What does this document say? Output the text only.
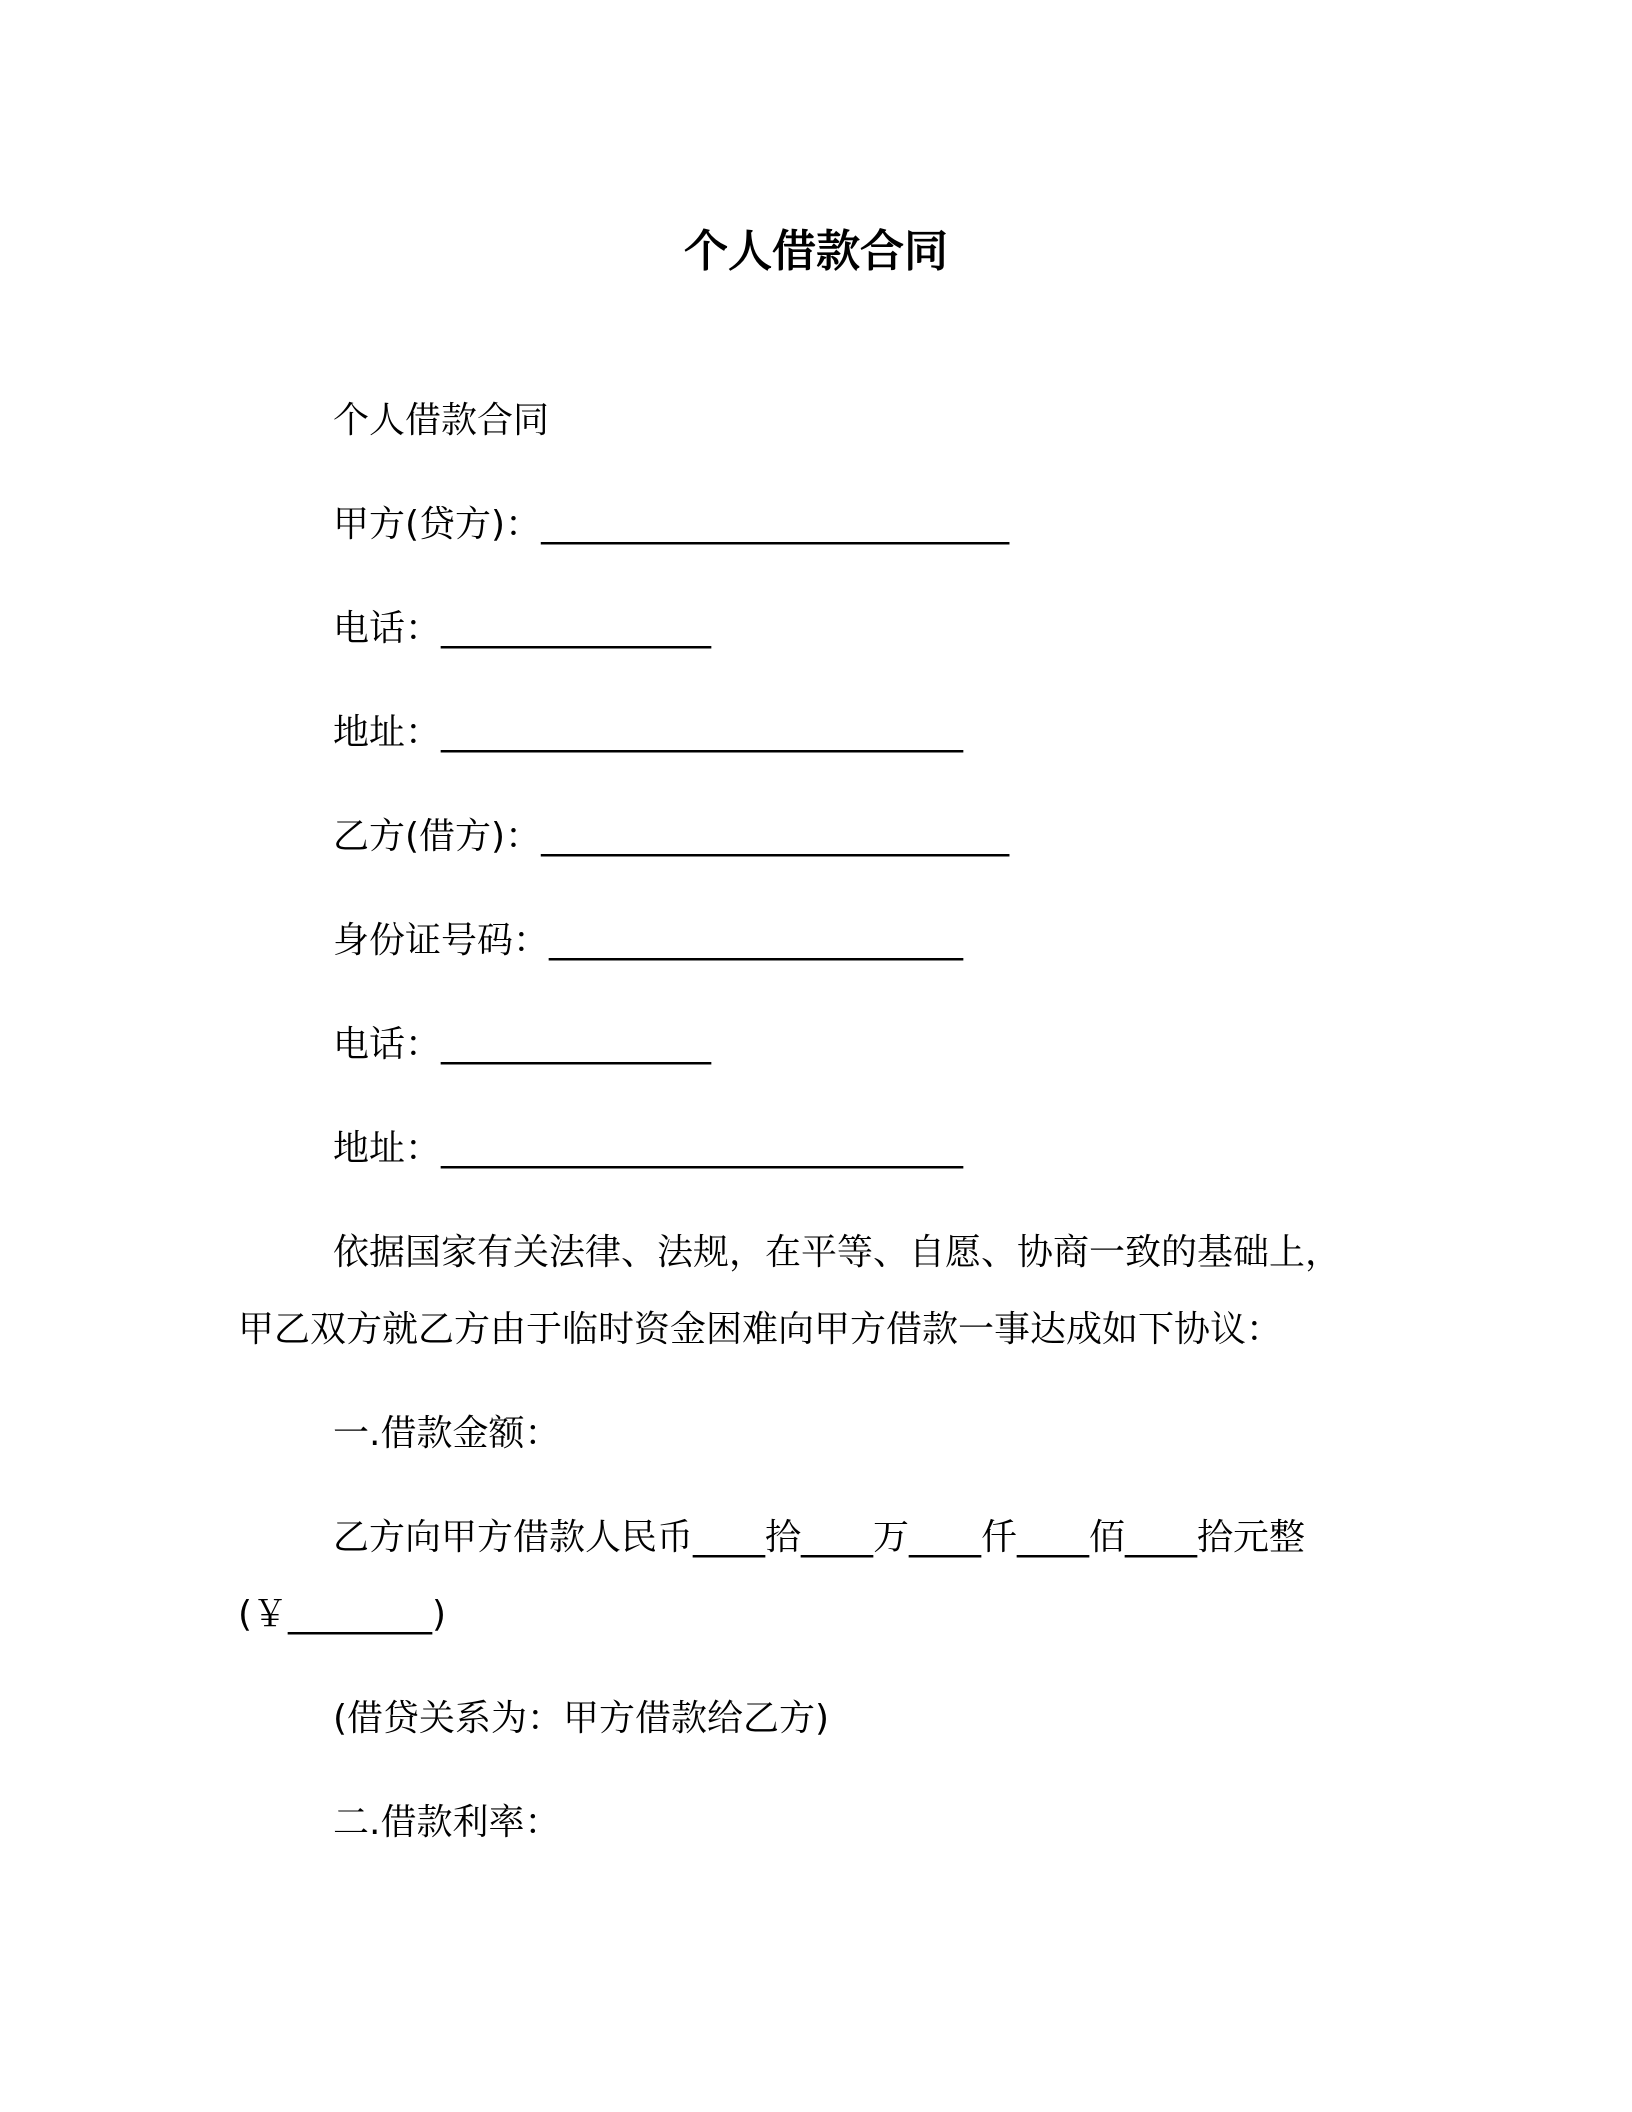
个人借款合同
个人借款合同
甲方(贷方)：__________________________
电话：_______________
地址：_____________________________
乙方(借方)：__________________________
身份证号码：_______________________
电话：_______________
地址：_____________________________
依据国家有关法律、法规，在平等、自愿、协商一致的基础上，
甲乙双方就乙方由于临时资金困难向甲方借款一事达成如下协议：
一.借款金额：
乙方向甲方借款人民币____拾____万____仟____佰____拾元整
(￥________)
(借贷关系为：甲方借款给乙方)
二.借款利率：
